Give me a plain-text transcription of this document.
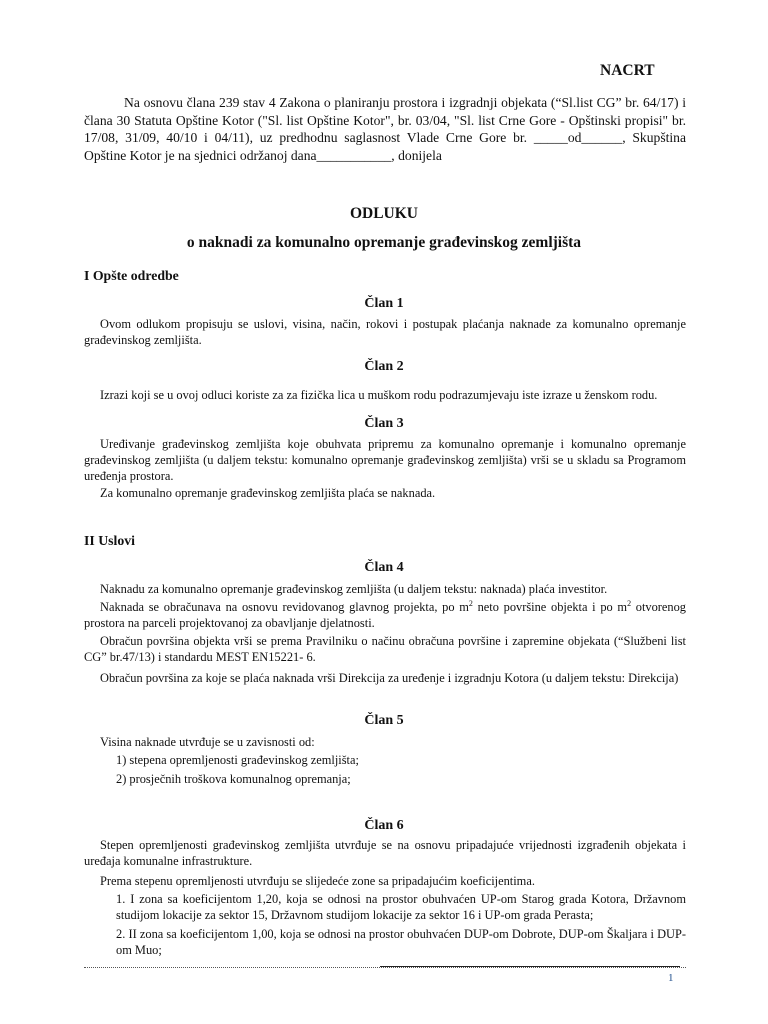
NACRT
Na osnovu člana 239 stav 4 Zakona o planiranju prostora i izgradnji objekata (“Sl.list CG” br. 64/17) i člana 30 Statuta Opštine Kotor ("Sl. list Opštine Kotor", br. 03/04, "Sl. list Crne Gore - Opštinski propisi" br. 17/08, 31/09, 40/10 i 04/11), uz predhodnu saglasnost Vlade Crne Gore br. _____od______, Skupština Opštine Kotor je na sjednici održanoj dana___________, donijela
ODLUKU
o naknadi za komunalno opremanje građevinskog zemljišta
I Opšte odredbe
Član 1
Ovom odlukom propisuju se uslovi, visina, način, rokovi i postupak plaćanja naknade za komunalno opremanje građevinskog zemljišta.
Član 2
Izrazi koji se u ovoj odluci koriste za za fizička lica u muškom rodu podrazumjevaju iste izraze u ženskom rodu.
Član 3
Uređivanje građevinskog zemljišta koje obuhvata pripremu za komunalno opremanje i komunalno opremanje građevinskog zemljišta (u daljem tekstu: komunalno opremanje građevinskog zemljišta) vrši se u skladu sa Programom uređenja prostora.
Za komunalno opremanje građevinskog zemljišta plaća se naknada.
II Uslovi
Član 4
Naknadu za komunalno opremanje građevinskog zemljišta (u daljem tekstu: naknada) plaća investitor.
Naknada se obračunava na osnovu revidovanog glavnog projekta, po $m^2$ neto površine objekta i po $m^2$ otvorenog prostora na parceli projektovanoj za obavljanje djelatnosti.
Obračun površina objekta vrši se prema Pravilniku o načinu obračuna površine i zapremine objekata (“Službeni list CG” br.47/13) i standardu MEST EN15221- 6.
Obračun površina za koje se plaća naknada vrši Direkcija za uređenje i izgradnju Kotora (u daljem tekstu: Direkcija)
Član 5
Visina naknade utvrđuje se u zavisnosti od:
1) stepena opremljenosti građevinskog zemljišta;
2) prosječnih troškova komunalnog opremanja;
Član 6
Stepen opremljenosti građevinskog zemljišta utvrđuje se na osnovu pripadajuće vrijednosti izgrađenih objekata i uređaja komunalne infrastrukture.
Prema stepenu opremljenosti utvrđuju se slijedeće zone sa pripadajućim koeficijentima.
1. I zona sa koeficijentom 1,20, koja se odnosi na prostor obuhvaćen UP-om Starog grada Kotora, Državnom studijom lokacije za sektor 15, Državnom studijom lokacije za sektor 16 i UP-om grada Perasta;
2. II zona sa koeficijentom 1,00, koja se odnosi na prostor obuhvaćen DUP-om Dobrote, DUP-om Škaljara i DUP-om Muo;
1
